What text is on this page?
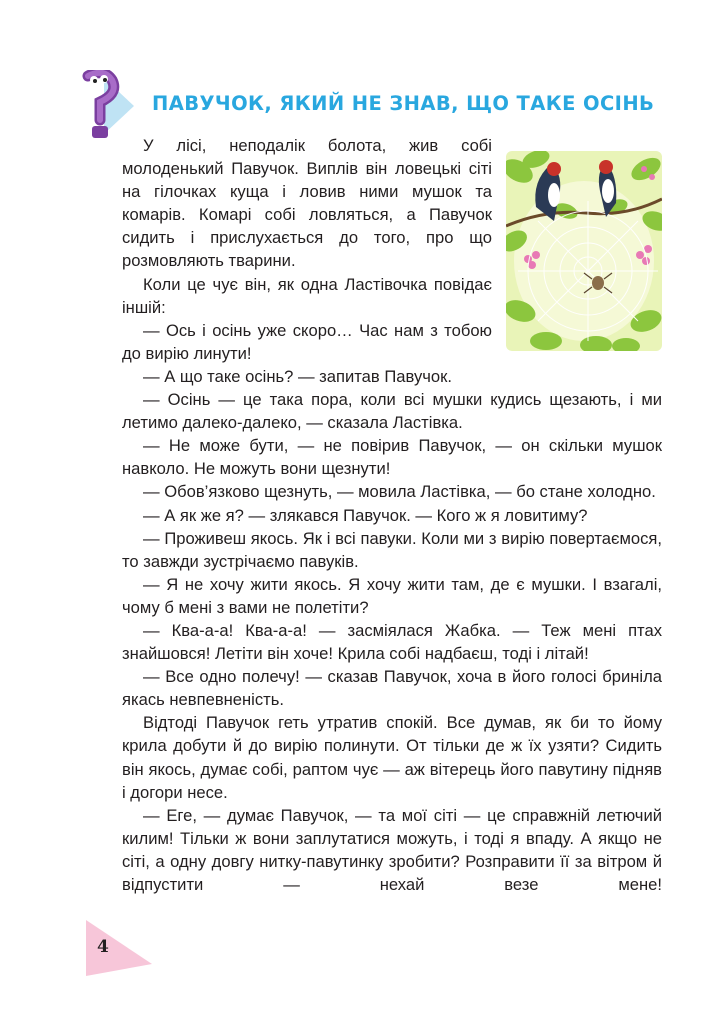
ПАВУЧОК, ЯКИЙ НЕ ЗНАВ, ЩО ТАКЕ ОСІНЬ

У лісі, неподалік болота, жив собі молоденький Павучок. Виплів він ловецькі сіті на гілочках куща і ловив ними мушок та комарів. Комарі собі ловляться, а Павучок сидить і прислухається до того, про що розмовляють тварини.

Коли це чує він, як одна Ластівочка повідає іншій:

— Ось і осінь уже скоро… Час нам з тобою до вирію линути!

— А що таке осінь? — запитав Павучок.

— Осінь — це така пора, коли всі мушки кудись щезають, і ми летимо далеко-далеко, — сказала Ластівка.

— Не може бути, — не повірив Павучок, — он скільки мушок навколо. Не можуть вони щезнути!

— Обов’язково щезнуть, — мовила Ластівка, — бо стане холодно.

— А як же я? — злякався Павучок. — Кого ж я ловитиму?

— Проживеш якось. Як і всі павуки. Коли ми з вирію повертаємося, то завжди зустрічаємо павуків.

— Я не хочу жити якось. Я хочу жити там, де є мушки. І взагалі, чому б мені з вами не полетіти?

— Ква-а-а! Ква-а-а! — засміялася Жабка. — Теж мені птах знайшовся! Летіти він хоче! Крила собі надбаєш, тоді і літай!

— Все одно полечу! — сказав Павучок, хоча в його голосі бриніла якась невпевненість.

Відтоді Павучок геть утратив спокій. Все думав, як би то йому крила добути й до вирію полинути. От тільки де ж їх узяти? Сидить він якось, думає собі, раптом чує — аж вітерець його павутину підняв і догори несе.

— Еге, — думає Павучок, — та мої сіті — це справжній летючий килим! Тільки ж вони заплутатися можуть, і тоді я впаду. А якщо не сіті, а одну довгу нитку-павутинку зробити? Розправити її за вітром й відпустити — нехай везе мене!

4
